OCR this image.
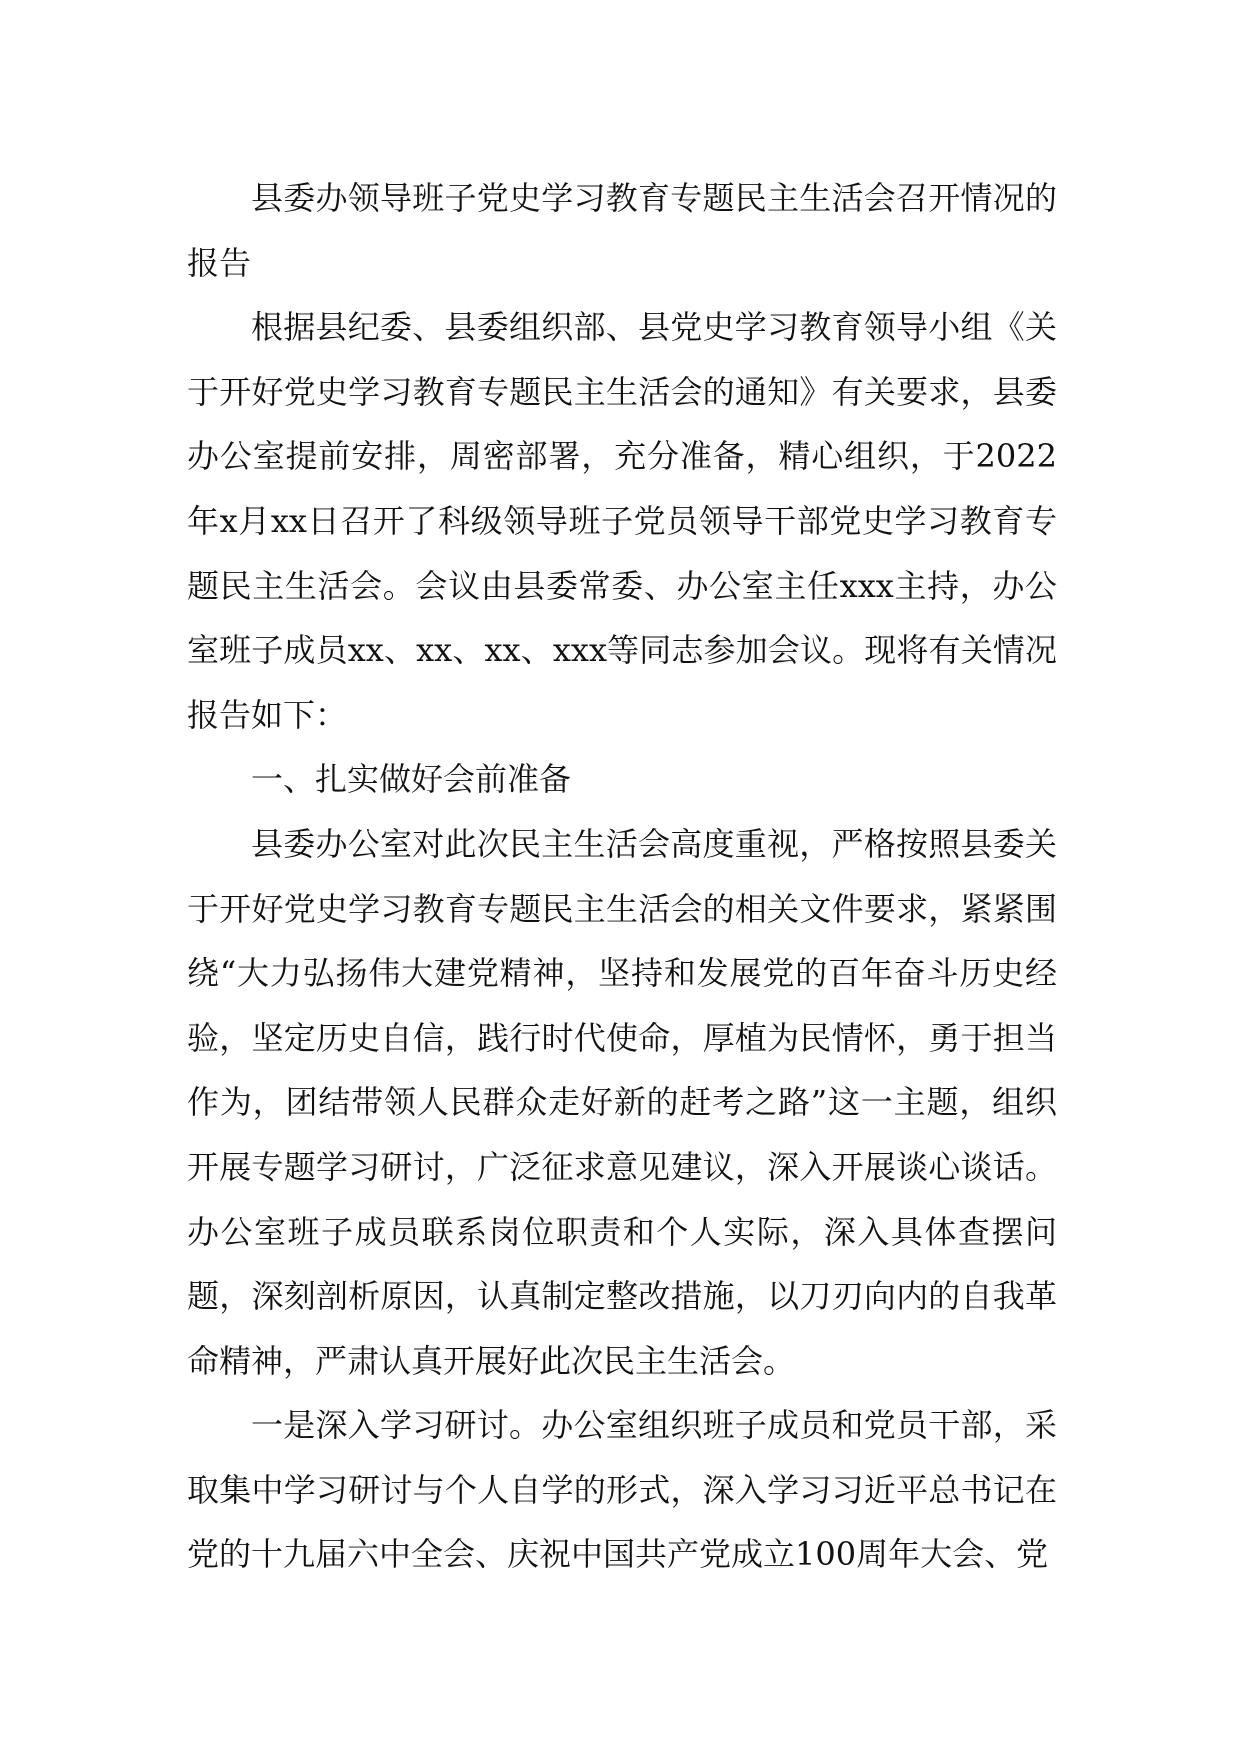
县委办领导班子党史学习教育专题民主生活会召开情况的报告

根据县纪委、县委组织部、县党史学习教育领导小组《关于开好党史学习教育专题民主生活会的通知》有关要求，县委办公室提前安排，周密部署，充分准备，精心组织，于2022年x月xx日召开了科级领导班子党员领导干部党史学习教育专题民主生活会。会议由县委常委、办公室主任xxx主持，办公室班子成员xx、xx、xx、xxx等同志参加会议。现将有关情况报告如下：

一、扎实做好会前准备

县委办公室对此次民主生活会高度重视，严格按照县委关于开好党史学习教育专题民主生活会的相关文件要求，紧紧围绕“大力弘扬伟大建党精神，坚持和发展党的百年奋斗历史经验，坚定历史自信，践行时代使命，厚植为民情怀，勇于担当作为，团结带领人民群众走好新的赶考之路”这一主题，组织开展专题学习研讨，广泛征求意见建议，深入开展谈心谈话。办公室班子成员联系岗位职责和个人实际，深入具体查摆问题，深刻剖析原因，认真制定整改措施，以刀刃向内的自我革命精神，严肃认真开展好此次民主生活会。

一是深入学习研讨。办公室组织班子成员和党员干部，采取集中学习研讨与个人自学的形式，深入学习习近平总书记在党的十九届六中全会、庆祝中国共产党成立100周年大会、党
